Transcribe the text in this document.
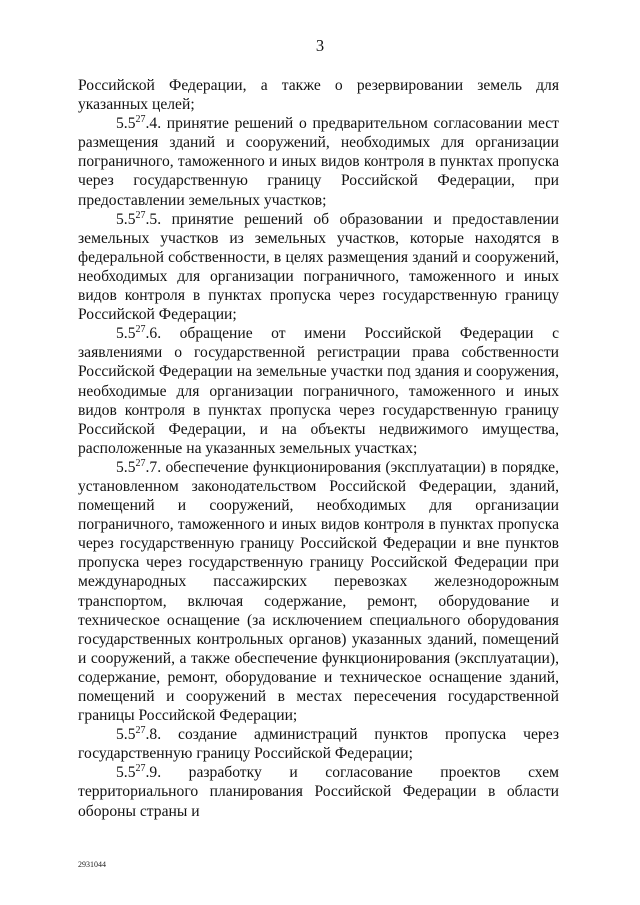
3

Российской Федерации, а также о резервировании земель для указанных целей;

$5.5^{27}.4$. принятие решений о предварительном согласовании мест размещения зданий и сооружений, необходимых для организации пограничного, таможенного и иных видов контроля в пунктах пропуска через государственную границу Российской Федерации, при предоставлении земельных участков;

$5.5^{27}.5$. принятие решений об образовании и предоставлении земельных участков из земельных участков, которые находятся в федеральной собственности, в целях размещения зданий и сооружений, необходимых для организации пограничного, таможенного и иных видов контроля в пунктах пропуска через государственную границу Российской Федерации;

$5.5^{27}.6$. обращение от имени Российской Федерации с заявлениями о государственной регистрации права собственности Российской Федерации на земельные участки под здания и сооружения, необходимые для организации пограничного, таможенного и иных видов контроля в пунктах пропуска через государственную границу Российской Федерации, и на объекты недвижимого имущества, расположенные на указанных земельных участках;

$5.5^{27}.7$. обеспечение функционирования (эксплуатации) в порядке, установленном законодательством Российской Федерации, зданий, помещений и сооружений, необходимых для организации пограничного, таможенного и иных видов контроля в пунктах пропуска через государственную границу Российской Федерации и вне пунктов пропуска через государственную границу Российской Федерации при международных пассажирских перевозках железнодорожным транспортом, включая содержание, ремонт, оборудование и техническое оснащение (за исключением специального оборудования государственных контрольных органов) указанных зданий, помещений и сооружений, а также обеспечение функционирования (эксплуатации), содержание, ремонт, оборудование и техническое оснащение зданий, помещений и сооружений в местах пересечения государственной границы Российской Федерации;

$5.5^{27}.8$. создание администраций пунктов пропуска через государственную границу Российской Федерации;

$5.5^{27}.9$. разработку и согласование проектов схем территориального планирования Российской Федерации в области обороны страны и

2931044
